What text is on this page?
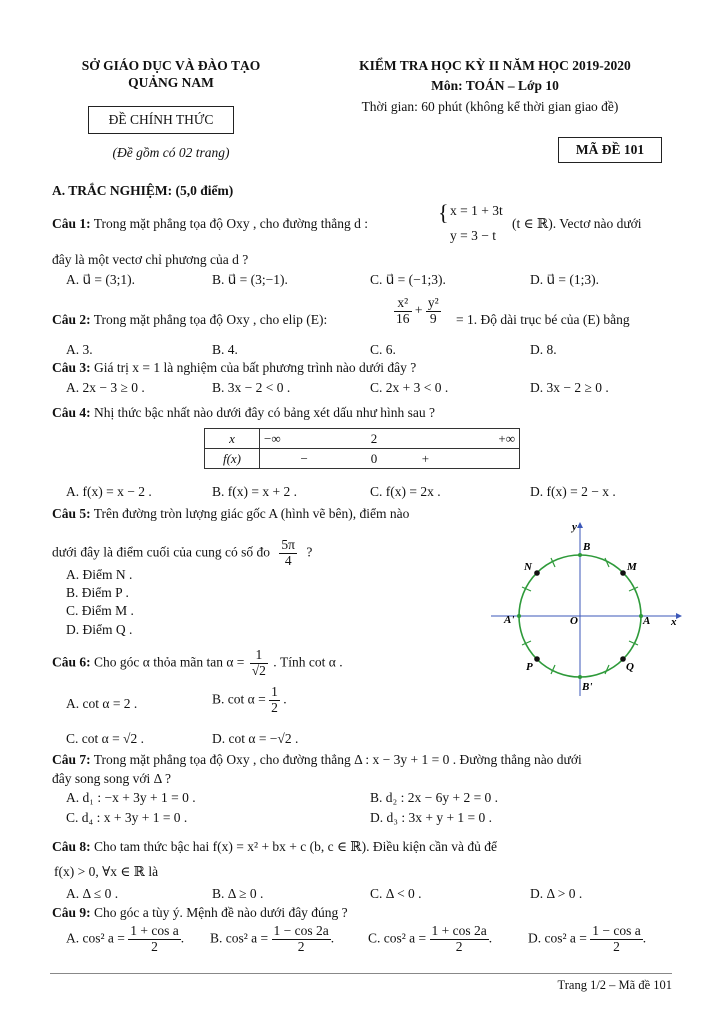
SỞ GIÁO DỤC VÀ ĐÀO TẠO
QUẢNG NAM
ĐỀ CHÍNH THỨC
(Đề gồm có 02 trang)
KIỂM TRA HỌC KỲ II NĂM HỌC 2019-2020
Môn: TOÁN – Lớp 10
Thời gian: 60 phút (không kể thời gian giao đề)
MÃ ĐỀ 101
A. TRẮC NGHIỆM: (5,0 điểm)
Câu 1: Trong mặt phẳng tọa độ Oxy , cho đường thẳng d :	{ x = 1 + 3t
y = 3 − t
(t ∈ ℝ). Vectơ nào dưới
đây là một vectơ chỉ phương của d ?
A. u⃗ = (3;1).	B. u⃗ = (3;−1).	C. u⃗ = (−1;3).	D. u⃗ = (1;3).
Câu 2: Trong mặt phẳng tọa độ Oxy , cho elip (E):	$\frac{\text{x²}}{16} + \frac{\text{y²}}{9} = 1$. Độ dài trục bé của (E) bằng
A. 3.	B. 4.	C. 6.	D. 8.
Câu 3: Giá trị x = 1 là nghiệm của bất phương trình nào dưới đây ?
A. 2x − 3 ≥ 0 .	B. 3x − 2 < 0 .	C. 2x + 3 < 0 .	D. 3x − 2 ≥ 0 .
Câu 4: Nhị thức bậc nhất nào dưới đây có bảng xét dấu như hình sau ?
x	−∞	2	+∞
f(x)	−	0	+
A. f(x) = x − 2 .	B. f(x) = x + 2 .	C. f(x) = 2x .	D. f(x) = 2 − x .
Câu 5: Trên đường tròn lượng giác gốc A (hình vẽ bên), điểm nào
dưới đây là điểm cuối của cung có số đo $\frac{5\pi}{4}$ ?
A. Điểm N .
B. Điểm P .
C. Điểm M .
D. Điểm Q .
B
N	M
A'	O	A x
y
P	Q
B'
Câu 6: Cho góc α thỏa mãn $\tan \alpha = \frac{1}{√2}$ . Tính cot α .
A. cot α = 2 .	B. $\cot \alpha = \frac{1}{2}$ .
C. cot α = √2 .	D. cot α = −√2 .
Câu 7: Trong mặt phẳng tọa độ Oxy , cho đường thẳng Δ : x − 3y + 1 = 0 . Đường thẳng nào dưới
đây song song với Δ ?
A. d₁ : −x + 3y + 1 = 0 .	B. d₂ : 2x − 6y + 2 = 0 .
C. d₄ : x + 3y + 1 = 0 .	D. d₃ : 3x + y + 1 = 0 .
Câu 8: Cho tam thức bậc hai f(x) = x² + bx + c (b, c ∈ ℝ). Điều kiện cần và đủ để
f(x) > 0, ∀x ∈ ℝ là
A. Δ ≤ 0 .	B. Δ ≥ 0 .	C. Δ < 0 .	D. Δ > 0 .
Câu 9: Cho góc a tùy ý. Mệnh đề nào dưới đây đúng ?
A. cos² $a = \frac{\text{1 + cos a}}{2}$ . B. cos² $a = \frac{1 - \cos 2a}{2}$ .	C. cos² $a = \frac{1 + \cos 2a}{2}$ .	D. cos² $a = \frac{\text{1 − cos a}}{2}$ .
Trang 1/2 – Mã đề 101
